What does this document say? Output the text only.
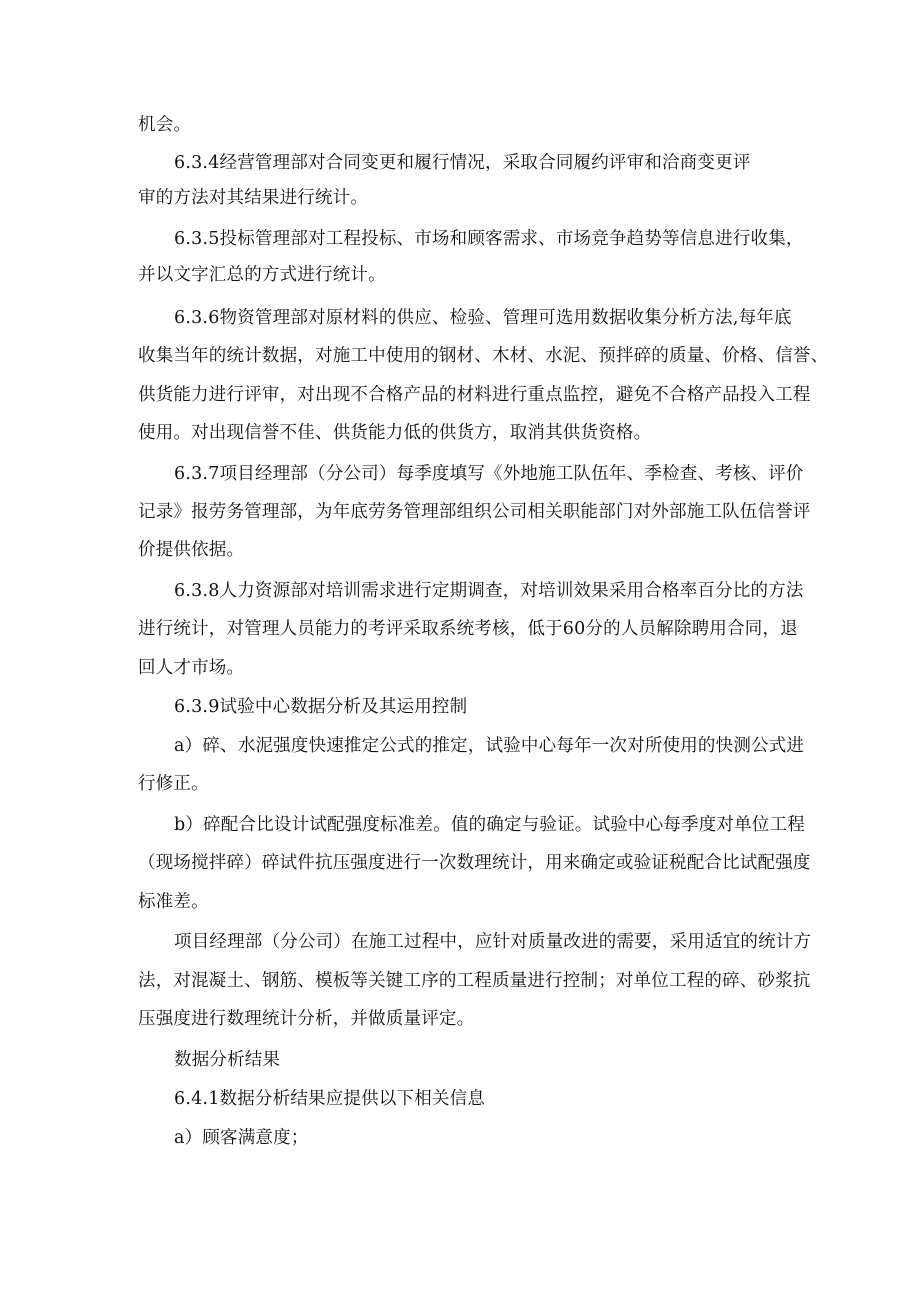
机会。
6.3.4经营管理部对合同变更和履行情况，采取合同履约评审和洽商变更评
审的方法对其结果进行统计。
6.3.5投标管理部对工程投标、市场和顾客需求、市场竞争趋势等信息进行收集，
并以文字汇总的方式进行统计。
6.3.6物资管理部对原材料的供应、检验、管理可选用数据收集分析方法,每年底
收集当年的统计数据，对施工中使用的钢材、木材、水泥、预拌碎的质量、价格、信誉、
供货能力进行评审，对出现不合格产品的材料进行重点监控，避免不合格产品投入工程
使用。对出现信誉不佳、供货能力低的供货方，取消其供货资格。
6.3.7项目经理部（分公司）每季度填写《外地施工队伍年、季检查、考核、评价
记录》报劳务管理部，为年底劳务管理部组织公司相关职能部门对外部施工队伍信誉评
价提供依据。
6.3.8人力资源部对培训需求进行定期调查，对培训效果采用合格率百分比的方法
进行统计，对管理人员能力的考评采取系统考核，低于60分的人员解除聘用合同，退
回人才市场。
6.3.9试验中心数据分析及其运用控制
a）碎、水泥强度快速推定公式的推定，试验中心每年一次对所使用的快测公式进
行修正。
b）碎配合比设计试配强度标准差。值的确定与验证。试验中心每季度对单位工程
（现场搅拌碎）碎试件抗压强度进行一次数理统计，用来确定或验证税配合比试配强度
标准差。
项目经理部（分公司）在施工过程中，应针对质量改进的需要，采用适宜的统计方
法，对混凝土、钢筋、模板等关键工序的工程质量进行控制；对单位工程的碎、砂浆抗
压强度进行数理统计分析，并做质量评定。
数据分析结果
6.4.1数据分析结果应提供以下相关信息
a）顾客满意度；
